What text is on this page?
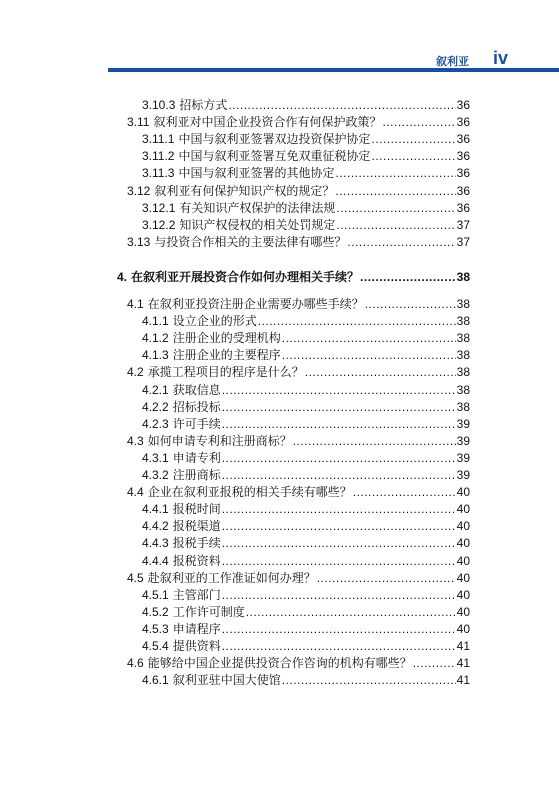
叙利亚 iv
3.10.3 招标方式 .....	36
3.11 叙利亚对中国企业投资合作有何保护政策？ .....	36
3.11.1 中国与叙利亚签署双边投资保护协定 .....	36
3.11.2 中国与叙利亚签署互免双重征税协定 .....	36
3.11.3 中国与叙利亚签署的其他协定 .....	36
3.12 叙利亚有何保护知识产权的规定？ .....	36
3.12.1 有关知识产权保护的法律法规 .....	36
3.12.2 知识产权侵权的相关处罚规定 .....	37
3.13 与投资合作相关的主要法律有哪些？ .....	37
4. 在叙利亚开展投资合作如何办理相关手续？ .....	38
4.1 在叙利亚投资注册企业需要办哪些手续？ .....	38
4.1.1 设立企业的形式 .....	38
4.1.2 注册企业的受理机构 .....	38
4.1.3 注册企业的主要程序 .....	38
4.2 承揽工程项目的程序是什么？ .....	38
4.2.1 获取信息 .....	38
4.2.2 招标投标 .....	38
4.2.3 许可手续 .....	39
4.3 如何申请专利和注册商标？ .....	39
4.3.1 申请专利 .....	39
4.3.2 注册商标 .....	39
4.4 企业在叙利亚报税的相关手续有哪些？ .....	40
4.4.1 报税时间 .....	40
4.4.2 报税渠道 .....	40
4.4.3 报税手续 .....	40
4.4.4 报税资料 .....	40
4.5 赴叙利亚的工作准证如何办理？ .....	40
4.5.1 主管部门 .....	40
4.5.2 工作许可制度 .....	40
4.5.3 申请程序 .....	40
4.5.4 提供资料 .....	41
4.6 能够给中国企业提供投资合作咨询的机构有哪些？ .....	41
4.6.1 叙利亚驻中国大使馆 .....	41
